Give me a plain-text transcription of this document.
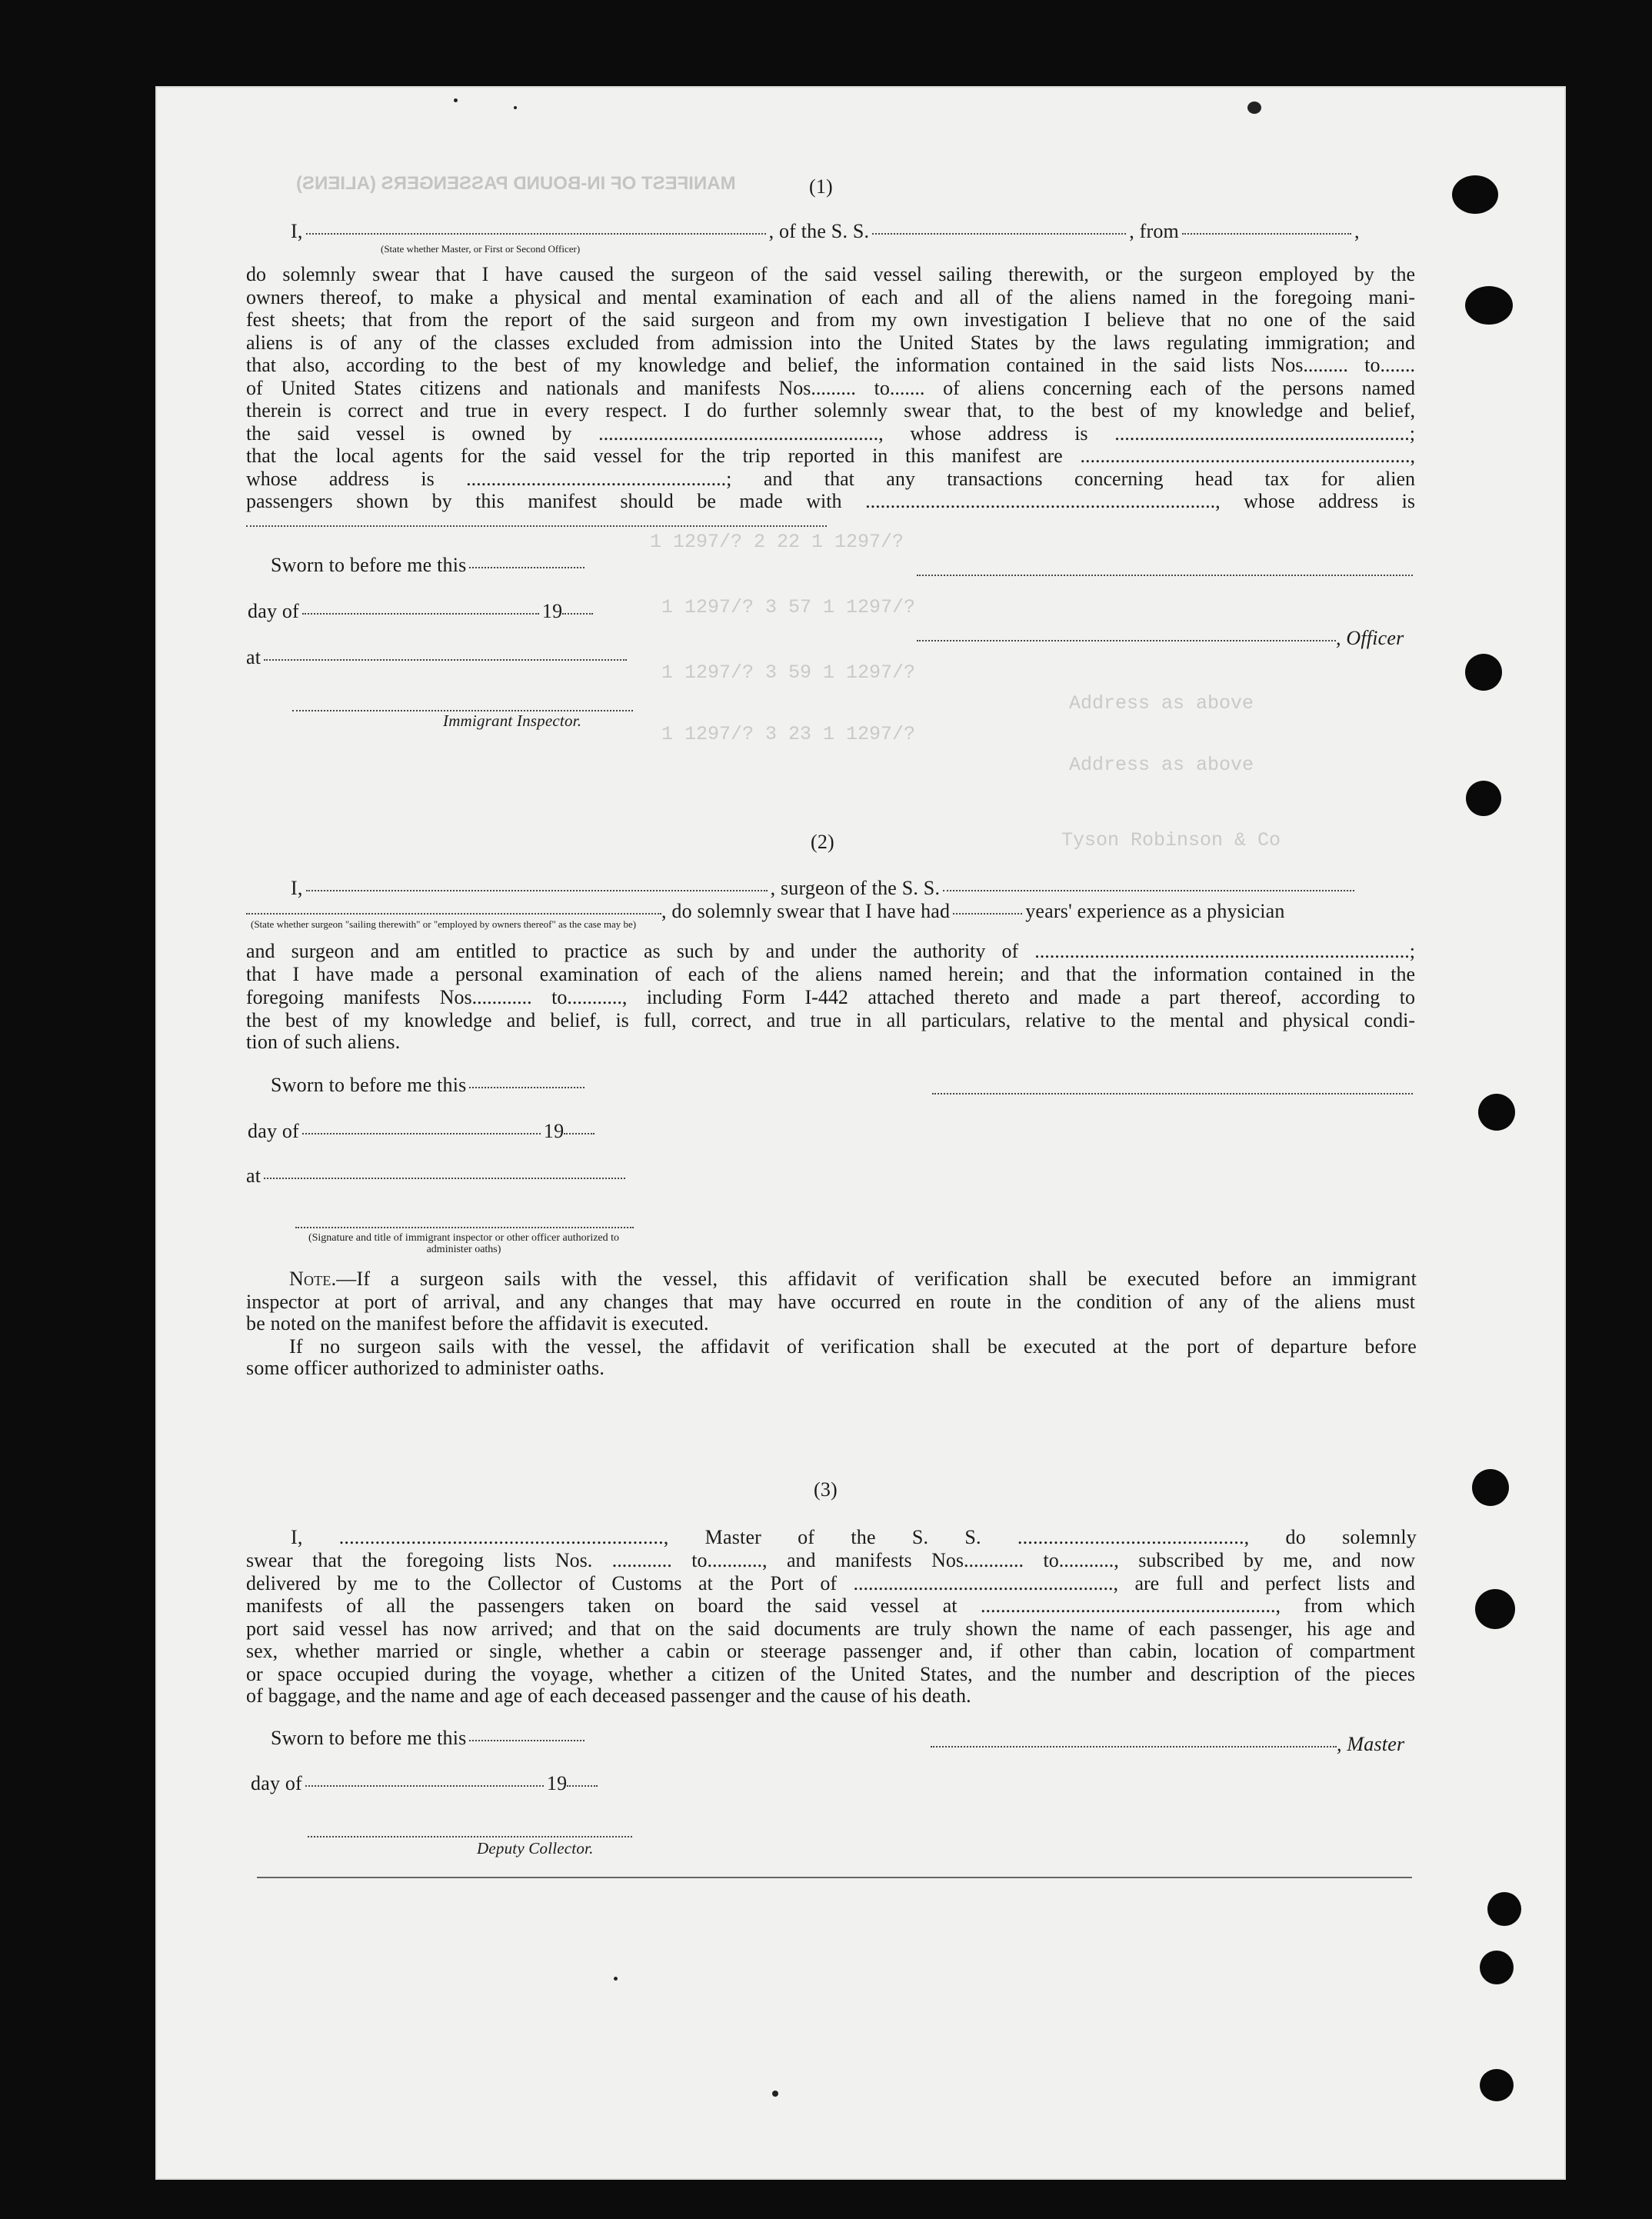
MANIFEST OF IN-BOUND PASSENGERS (ALIENS)
1 1297/? 2 22 1 1297/?
1 1297/? 3 57 1 1297/?
1 1297/? 3 59 1 1297/?
1 1297/? 3 23 1 1297/?
Address as above
Address as above
Tyson Robinson & Co
(1)
I,	, of the S. S.	, from	,
(State whether Master, or First or Second Officer)
do solemnly swear that I have caused the surgeon of the said vessel sailing therewith, or the surgeon employed by the
owners thereof, to make a physical and mental examination of each and all of the aliens named in the foregoing mani-
fest sheets; that from the report of the said surgeon and from my own investigation I believe that no one of the said
aliens is of any of the classes excluded from admission into the United States by the laws regulating immigration; and
that also, according to the best of my knowledge and belief, the information contained in the said lists Nos......... to.......
of United States citizens and nationals and manifests Nos......... to....... of aliens concerning each of the persons named
therein is correct and true in every respect. I do further solemnly swear that, to the best of my knowledge and belief,
the said vessel is owned by ........................................................, whose address is ...........................................................;
that the local agents for the said vessel for the trip reported in this manifest are ..................................................................,
whose address is ....................................................; and that any transactions concerning head tax for alien
passengers shown by this manifest should be made with ......................................................................, whose address is
Sworn to before me this
day of	19
, Officer
at
Immigrant Inspector.
(2)
I,	, surgeon of the S. S.
, do solemnly swear that I have had	years' experience as a physician
(State whether surgeon "sailing therewith" or "employed by owners thereof" as the case may be)
and surgeon and am entitled to practice as such by and under the authority of ...........................................................................;
that I have made a personal examination of each of the aliens named herein; and that the information contained in the
foregoing manifests Nos............ to..........., including Form I-442 attached thereto and made a part thereof, according to
the best of my knowledge and belief, is full, correct, and true in all particulars, relative to the mental and physical condi-
tion of such aliens.
Sworn to before me this
day of	19
at
(Signature and title of immigrant inspector or other officer authorized to administer oaths)
Note.—If a surgeon sails with the vessel, this affidavit of verification shall be executed before an immigrant
inspector at port of arrival, and any changes that may have occurred en route in the condition of any of the aliens must
be noted on the manifest before the affidavit is executed.
If no surgeon sails with the vessel, the affidavit of verification shall be executed at the port of departure before
some officer authorized to administer oaths.
(3)
I, ..............................................................., Master of the S. S. ............................................, do solemnly
swear that the foregoing lists Nos. ............ to..........., and manifests Nos............ to..........., subscribed by me, and now
delivered by me to the Collector of Customs at the Port of ...................................................., are full and perfect lists and
manifests of all the passengers taken on board the said vessel at ..........................................................., from which
port said vessel has now arrived; and that on the said documents are truly shown the name of each passenger, his age and
sex, whether married or single, whether a cabin or steerage passenger and, if other than cabin, location of compartment
or space occupied during the voyage, whether a citizen of the United States, and the number and description of the pieces
of baggage, and the name and age of each deceased passenger and the cause of his death.
Sworn to before me this	, Master
day of	19
Deputy Collector.
